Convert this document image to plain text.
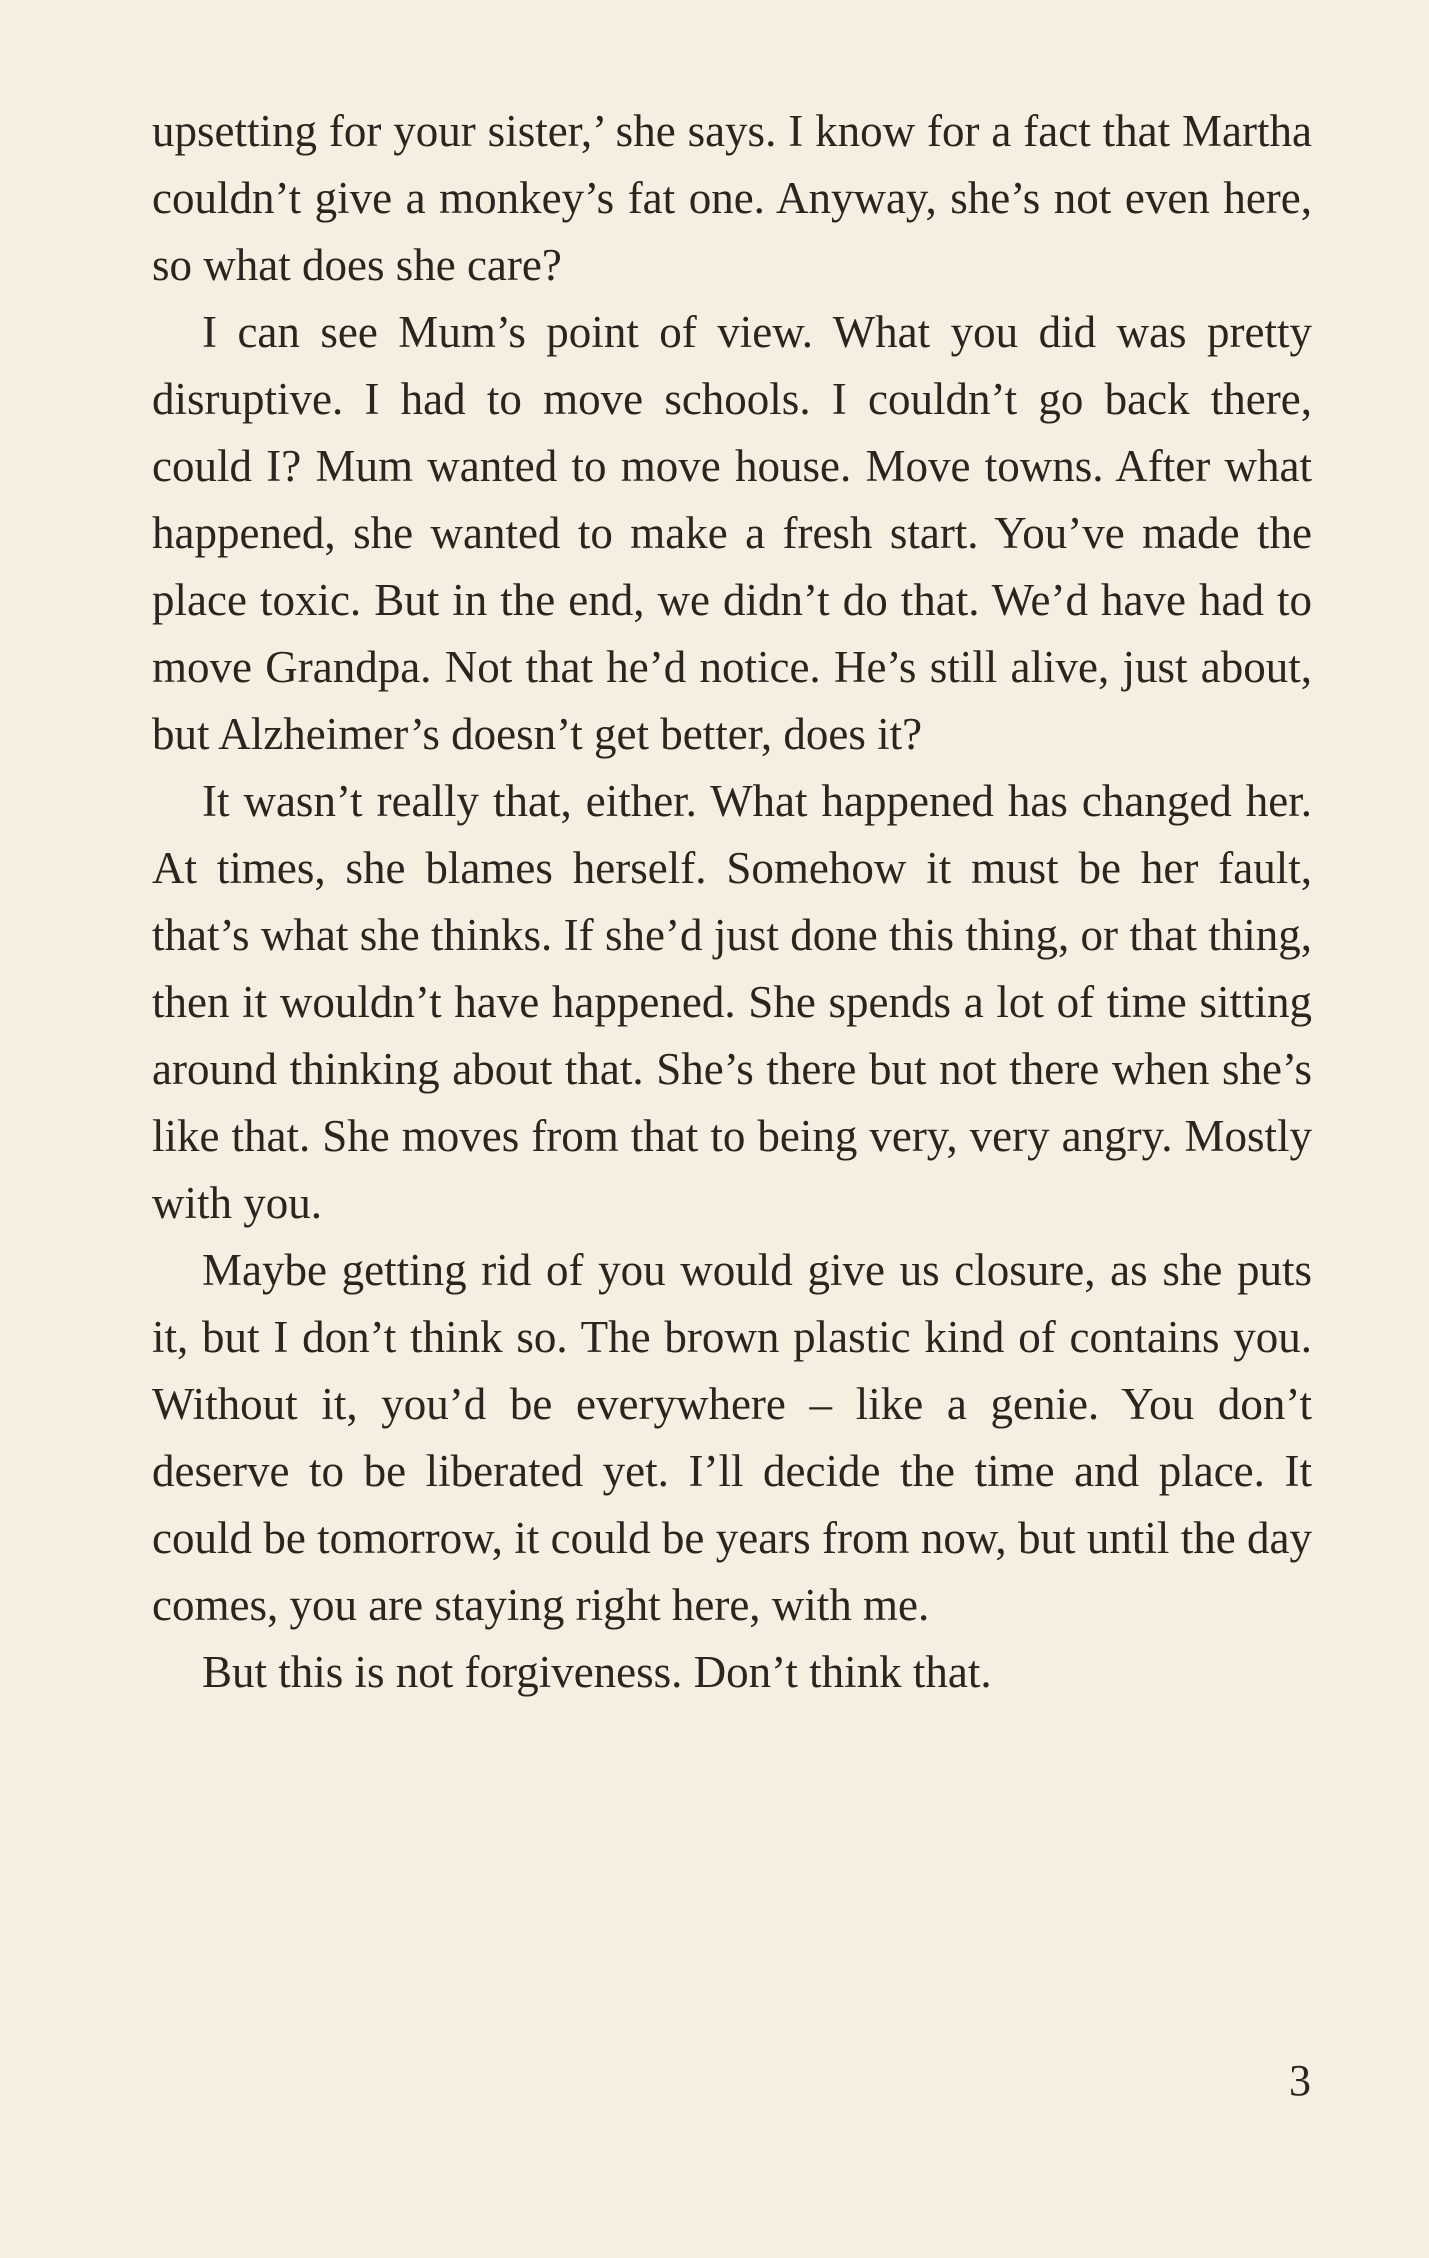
upsetting for your sister,’ she says. I know for a fact that Martha couldn’t give a monkey’s fat one. Anyway, she’s not even here, so what does she care?

I can see Mum’s point of view. What you did was pretty disruptive. I had to move schools. I couldn’t go back there, could I? Mum wanted to move house. Move towns. After what happened, she wanted to make a fresh start. You’ve made the place toxic. But in the end, we didn’t do that. We’d have had to move Grandpa. Not that he’d notice. He’s still alive, just about, but Alzheimer’s doesn’t get better, does it?

It wasn’t really that, either. What happened has changed her. At times, she blames herself. Somehow it must be her fault, that’s what she thinks. If she’d just done this thing, or that thing, then it wouldn’t have happened. She spends a lot of time sitting around thinking about that. She’s there but not there when she’s like that. She moves from that to being very, very angry. Mostly with you.

Maybe getting rid of you would give us closure, as she puts it, but I don’t think so. The brown plastic kind of contains you. Without it, you’d be everywhere – like a genie. You don’t deserve to be liberated yet. I’ll decide the time and place. It could be tomorrow, it could be years from now, but until the day comes, you are staying right here, with me.

But this is not forgiveness. Don’t think that.

3
